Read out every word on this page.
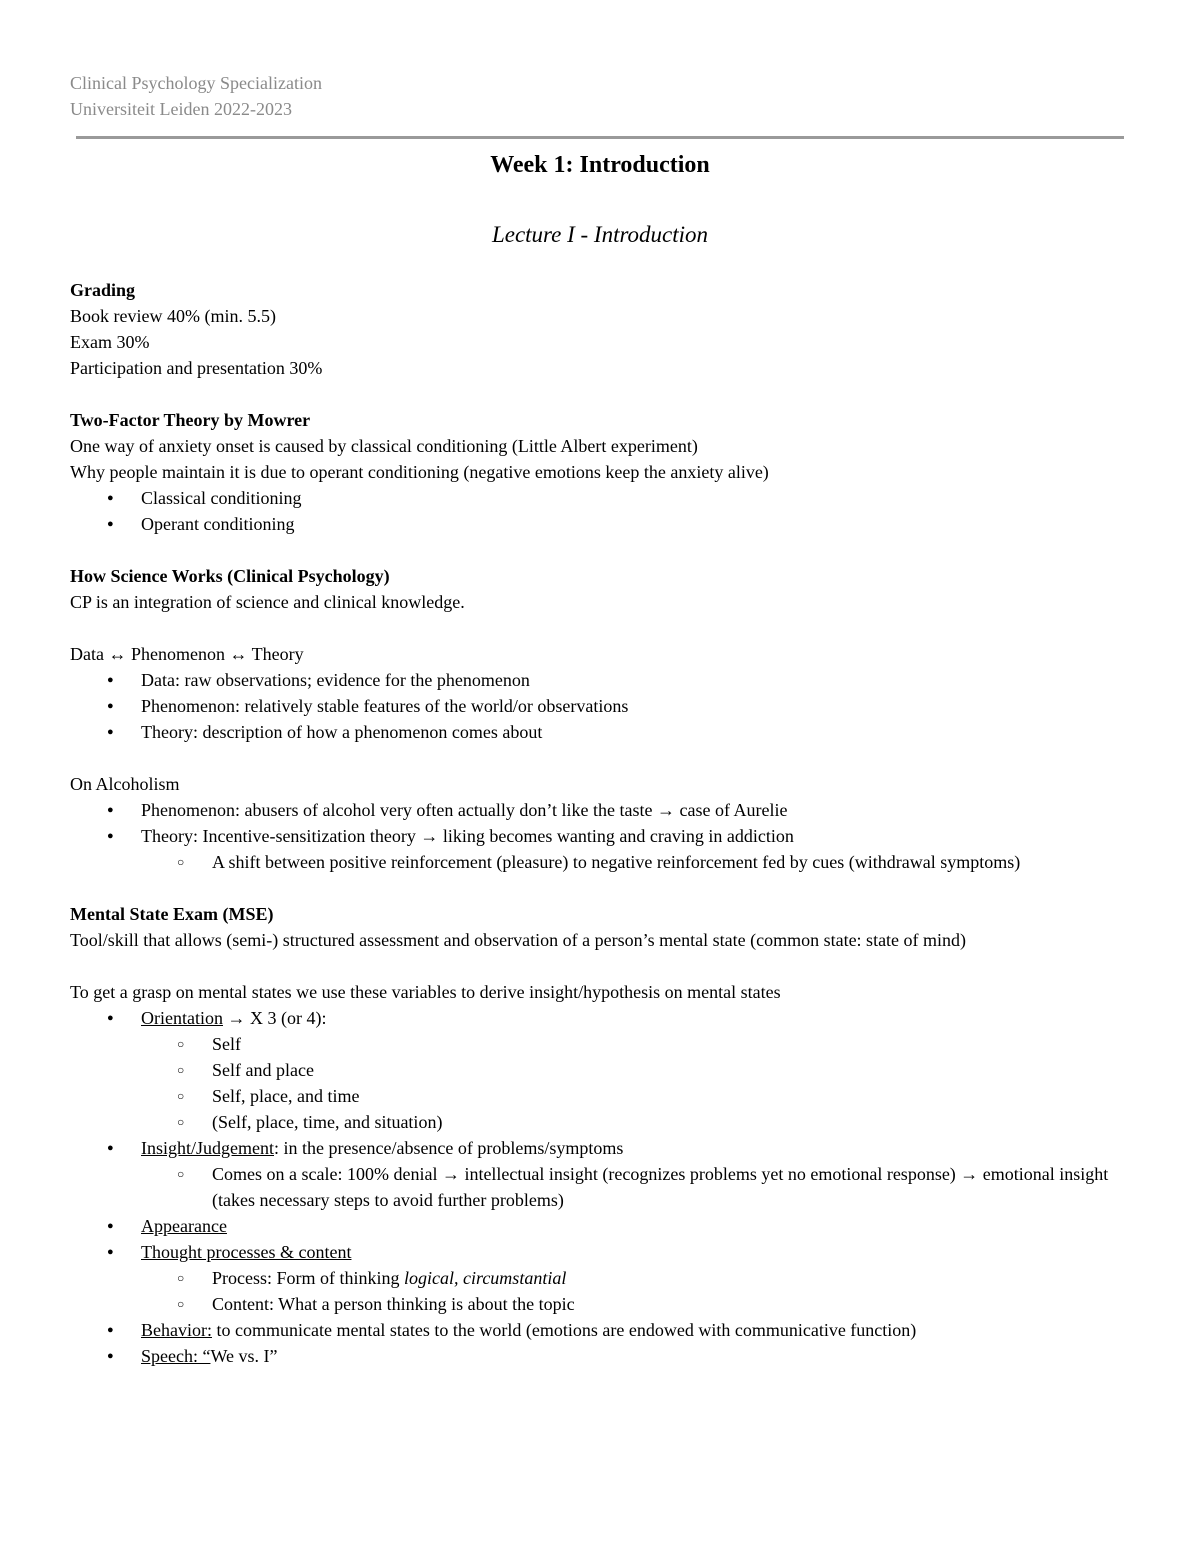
Clinical Psychology Specialization
Universiteit Leiden 2022-2023
Week 1: Introduction
Lecture I - Introduction

Grading

Book review 40% (min. 5.5)

Exam 30%

Participation and presentation 30%

Two-Factor Theory by Mowrer

One way of anxiety onset is caused by classical conditioning (Little Albert experiment)

Why people maintain it is due to operant conditioning (negative emotions keep the anxiety alive)

● Classical conditioning
● Operant conditioning

How Science Works (Clinical Psychology)

CP is an integration of science and clinical knowledge.

Data ↔ Phenomenon ↔ Theory

● Data: raw observations; evidence for the phenomenon
● Phenomenon: relatively stable features of the world/or observations
● Theory: description of how a phenomenon comes about

On Alcoholism

● Phenomenon: abusers of alcohol very often actually don’t like the taste → case of Aurelie
● Theory: Incentive-sensitization theory → liking becomes wanting and craving in addiction
○ A shift between positive reinforcement (pleasure) to negative reinforcement fed by cues (withdrawal symptoms)

Mental State Exam (MSE)

Tool/skill that allows (semi-) structured assessment and observation of a person’s mental state (common state: state of mind)

To get a grasp on mental states we use these variables to derive insight/hypothesis on mental states

● Orientation → X 3 (or 4):
○ Self
○ Self and place
○ Self, place, and time
○ (Self, place, time, and situation)
● Insight/Judgement: in the presence/absence of problems/symptoms
○ Comes on a scale: 100% denial → intellectual insight (recognizes problems yet no emotional response) → emotional insight (takes necessary steps to avoid further problems)
● Appearance
● Thought processes & content
○ Process: Form of thinking logical, circumstantial
○ Content: What a person thinking is about the topic
● Behavior: to communicate mental states to the world (emotions are endowed with communicative function)
● Speech: “We vs. I”
